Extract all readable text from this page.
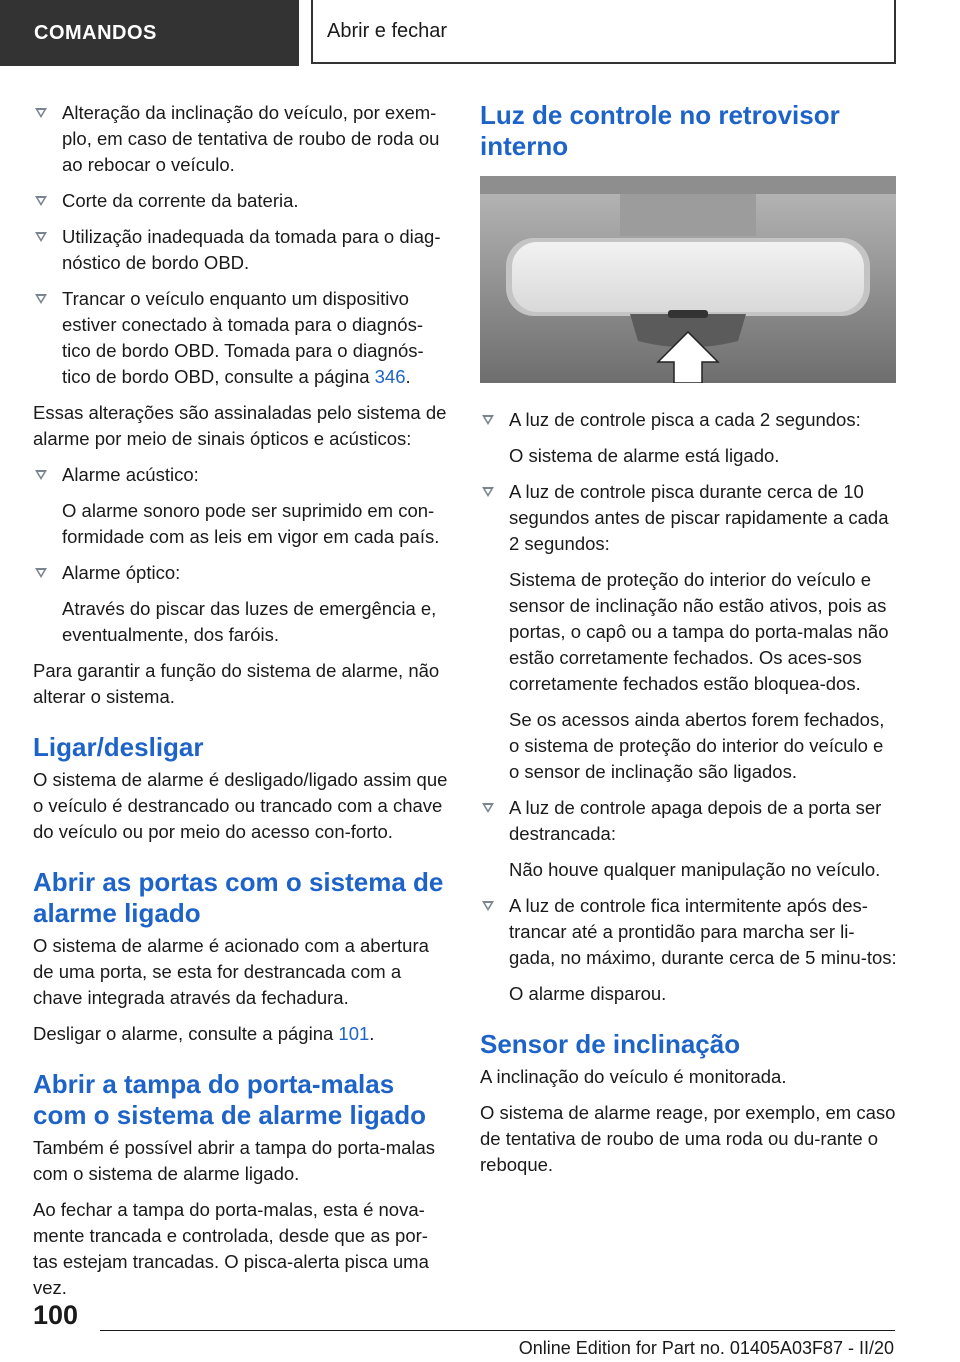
COMANDOS	Abrir e fechar

Alteração da inclinação do veículo, por exem-plo, em caso de tentativa de roubo de roda ou ao rebocar o veículo.

Corte da corrente da bateria.

Utilização inadequada da tomada para o diag-nóstico de bordo OBD.

Trancar o veículo enquanto um dispositivo estiver conectado à tomada para o diagnós-tico de bordo OBD. Tomada para o diagnós-tico de bordo OBD, consulte a página 346.

Essas alterações são assinaladas pelo sistema de alarme por meio de sinais ópticos e acústicos:

Alarme acústico:

O alarme sonoro pode ser suprimido em con-formidade com as leis em vigor em cada país.

Alarme óptico:

Através do piscar das luzes de emergência e, eventualmente, dos faróis.

Para garantir a função do sistema de alarme, não alterar o sistema.

Ligar/desligar

O sistema de alarme é desligado/ligado assim que o veículo é destrancado ou trancado com a chave do veículo ou por meio do acesso con-forto.

Abrir as portas com o sistema de alarme ligado

O sistema de alarme é acionado com a abertura de uma porta, se esta for destrancada com a chave integrada através da fechadura.

Desligar o alarme, consulte a página 101.

Abrir a tampa do porta-malas com o sistema de alarme ligado

Também é possível abrir a tampa do porta-malas com o sistema de alarme ligado.

Ao fechar a tampa do porta-malas, esta é nova-mente trancada e controlada, desde que as por-tas estejam trancadas. O pisca-alerta pisca uma vez.

Luz de controle no retrovisor interno

A luz de controle pisca a cada 2 segundos:

O sistema de alarme está ligado.

A luz de controle pisca durante cerca de 10 segundos antes de piscar rapidamente a cada 2 segundos:

Sistema de proteção do interior do veículo e sensor de inclinação não estão ativos, pois as portas, o capô ou a tampa do porta-malas não estão corretamente fechados. Os aces-sos corretamente fechados estão bloquea-dos.

Se os acessos ainda abertos forem fechados, o sistema de proteção do interior do veículo e o sensor de inclinação são ligados.

A luz de controle apaga depois de a porta ser destrancada:

Não houve qualquer manipulação no veículo.

A luz de controle fica intermitente após des-trancar até a prontidão para marcha ser li-gada, no máximo, durante cerca de 5 minu-tos:

O alarme disparou.

Sensor de inclinação

A inclinação do veículo é monitorada.

O sistema de alarme reage, por exemplo, em caso de tentativa de roubo de uma roda ou du-rante o reboque.

100
Online Edition for Part no. 01405A03F87 - II/20
